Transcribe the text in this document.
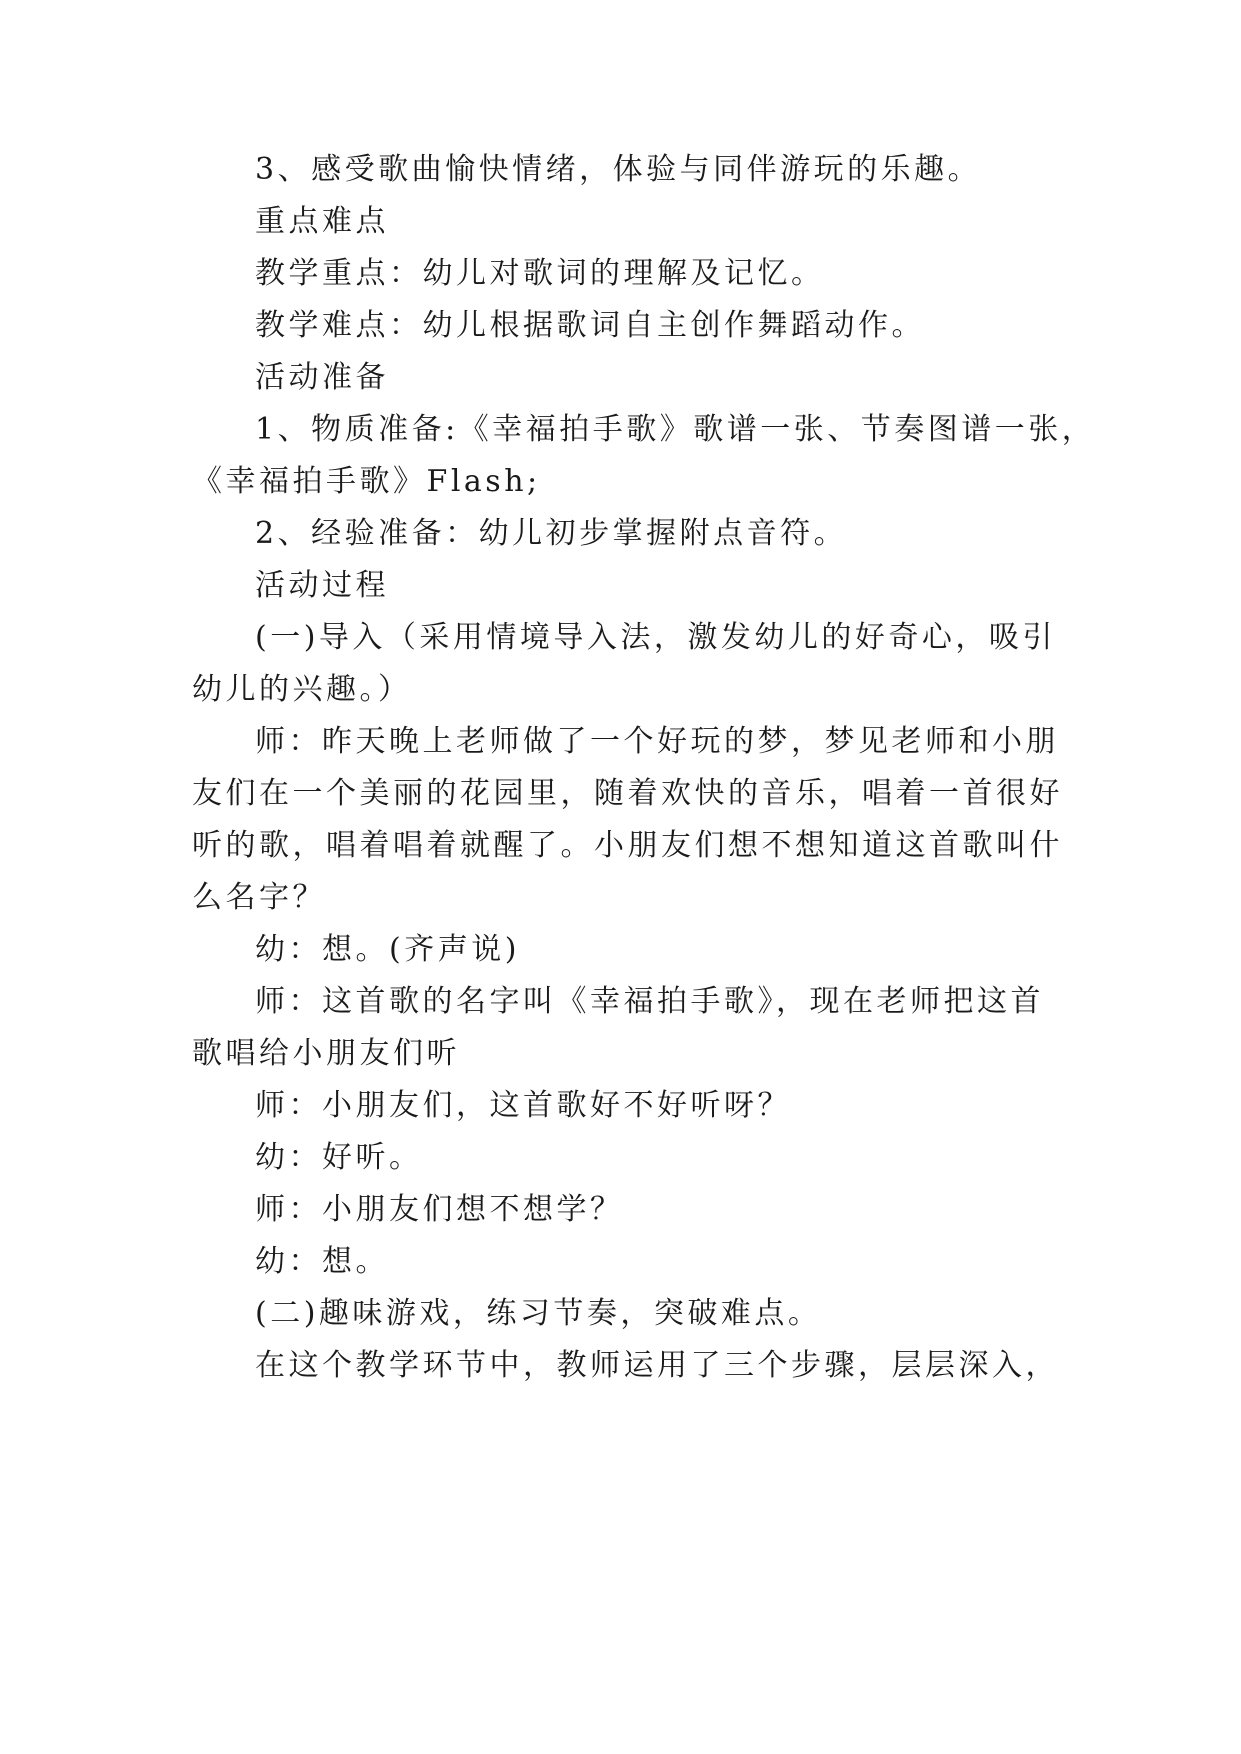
3、感受歌曲愉快情绪，体验与同伴游玩的乐趣。
重点难点
教学重点：幼儿对歌词的理解及记忆。
教学难点：幼儿根据歌词自主创作舞蹈动作。
活动准备
1、物质准备:《幸福拍手歌》歌谱一张、节奏图谱一张，
《幸福拍手歌》Flash;
2、经验准备：幼儿初步掌握附点音符。
活动过程
(一)导入（采用情境导入法，激发幼儿的好奇心，吸引
幼儿的兴趣。）
师：昨天晚上老师做了一个好玩的梦，梦见老师和小朋
友们在一个美丽的花园里，随着欢快的音乐，唱着一首很好
听的歌，唱着唱着就醒了。小朋友们想不想知道这首歌叫什
么名字？
幼：想。(齐声说)
师：这首歌的名字叫《幸福拍手歌》，现在老师把这首
歌唱给小朋友们听
师：小朋友们，这首歌好不好听呀？
幼：好听。
师：小朋友们想不想学？
幼：想。
(二)趣味游戏，练习节奏，突破难点。
在这个教学环节中，教师运用了三个步骤，层层深入，
